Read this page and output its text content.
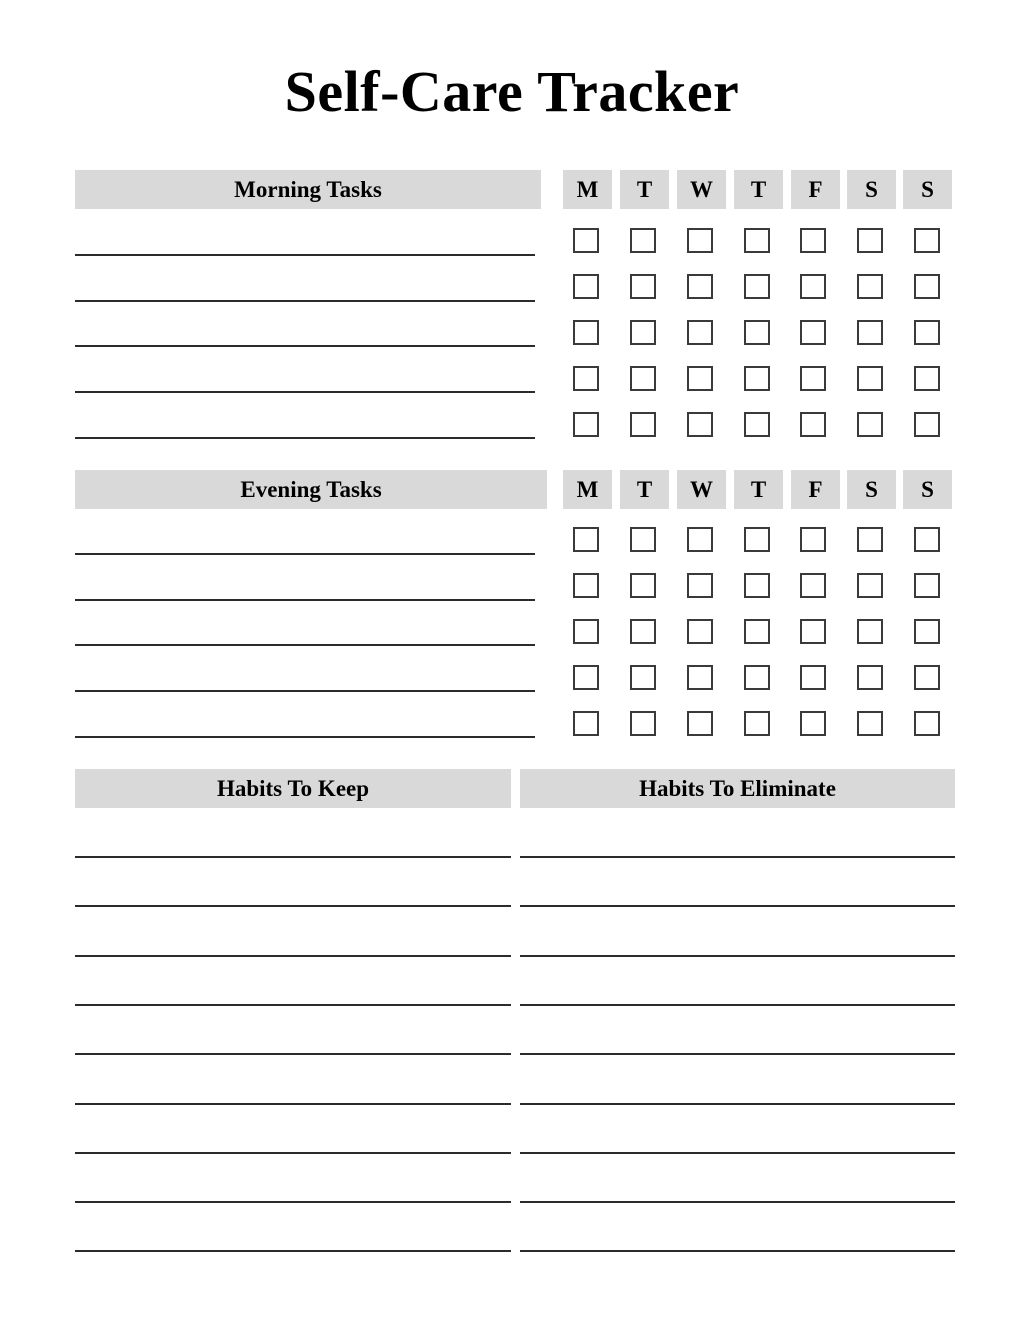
Self-Care Tracker
Morning Tasks	M	T	W	T	F	S	S
Evening Tasks	M	T	W	T	F	S	S
Habits To Keep	Habits To Eliminate
